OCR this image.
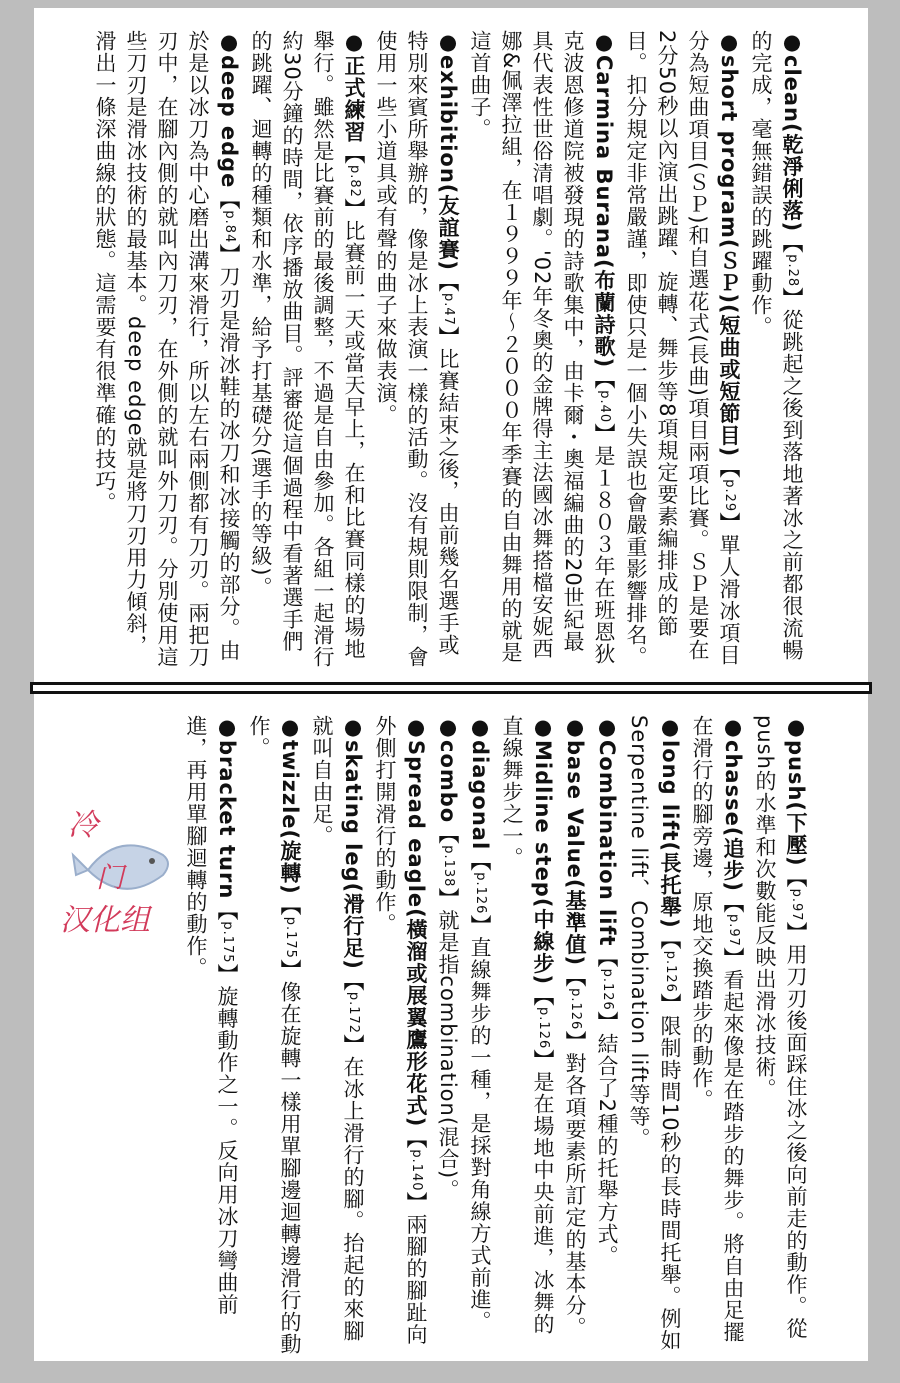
●clean(乾淨俐落)【p.28】從跳起之後到落地著冰之前都很流暢的完成，毫無錯誤的跳躍動作。

●short program(ＳＰ)(短曲或短節目)【p.29】單人滑冰項目分為短曲項目(ＳＰ)和自選花式(長曲)項目兩項比賽。ＳＰ是要在2分50秒以內演出跳躍、旋轉、舞步等8項規定要素編排成的節目。扣分規定非常嚴謹，即使只是一個小失誤也會嚴重影響排名。

●Carmina Burana(布蘭詩歌)【p.40】是１８０３年在班恩狄克波恩修道院被發現的詩歌集中，由卡爾・奧福編曲的20世紀最具代表性世俗清唱劇。'02年冬奧的金牌得主法國冰舞搭檔安妮西娜&佩澤拉組，在１９９９年～２０００年季賽的自由舞用的就是這首曲子。

●exhibition(友誼賽)【p.47】比賽結束之後，由前幾名選手或特別來賓所舉辦的，像是冰上表演一樣的活動。沒有規則限制，會使用一些小道具或有聲的曲子來做表演。

●正式練習【p.82】比賽前一天或當天早上，在和比賽同樣的場地舉行。雖然是比賽前的最後調整，不過是自由參加。各組一起滑行約30分鐘的時間，依序播放曲目。評審從這個過程中看著選手們的跳躍、迴轉的種類和水準，給予打基礎分(選手的等級)。

●deep edge【p.84】刀刃是滑冰鞋的冰刀和冰接觸的部分。由於是以冰刀為中心磨出溝來滑行，所以左右兩側都有刀刃。兩把刀刃中，在腳內側的就叫內刀刃，在外側的就叫外刀刃。分別使用這些刀刃是滑冰技術的最基本。deep edge就是將刀刃用力傾斜，滑出一條深曲線的狀態。這需要有很準確的技巧。

●push(下壓)【p.97】用刀刃後面踩住冰之後向前走的動作。從push的水準和次數能反映出滑冰技術。

●chasse(追步)【p.97】看起來像是在踏步的舞步。將自由足擺在滑行的腳旁邊，原地交換踏步的動作。

●long lift(長托舉)【p.126】限制時間10秒的長時間托舉。例如Serpentine lift、Combination lift等等。

●Combination lift【p.126】結合了2種的托舉方式。

●base Value(基準值)【p.126】對各項要素所訂定的基本分。

●Midline step(中線步)【p.126】是在場地中央前進，冰舞的直線舞步之一。

●diagonal【p.126】直線舞步的一種，是採對角線方式前進。

●combo【p.138】就是指combination(混合)。

●Spread eagle(橫溜或展翼鷹形花式)【p.140】兩腳的腳趾向外側打開滑行的動作。

●skating leg(滑行足)【p.172】在冰上滑行的腳。抬起的來腳就叫自由足。

●twizzle(旋轉)【p.175】像在旋轉一樣用單腳邊迴轉邊滑行的動作。

●bracket turn【p.175】旋轉動作之一。反向用冰刀彎曲前進，再用單腳迴轉的動作。

冷
门
汉化组
